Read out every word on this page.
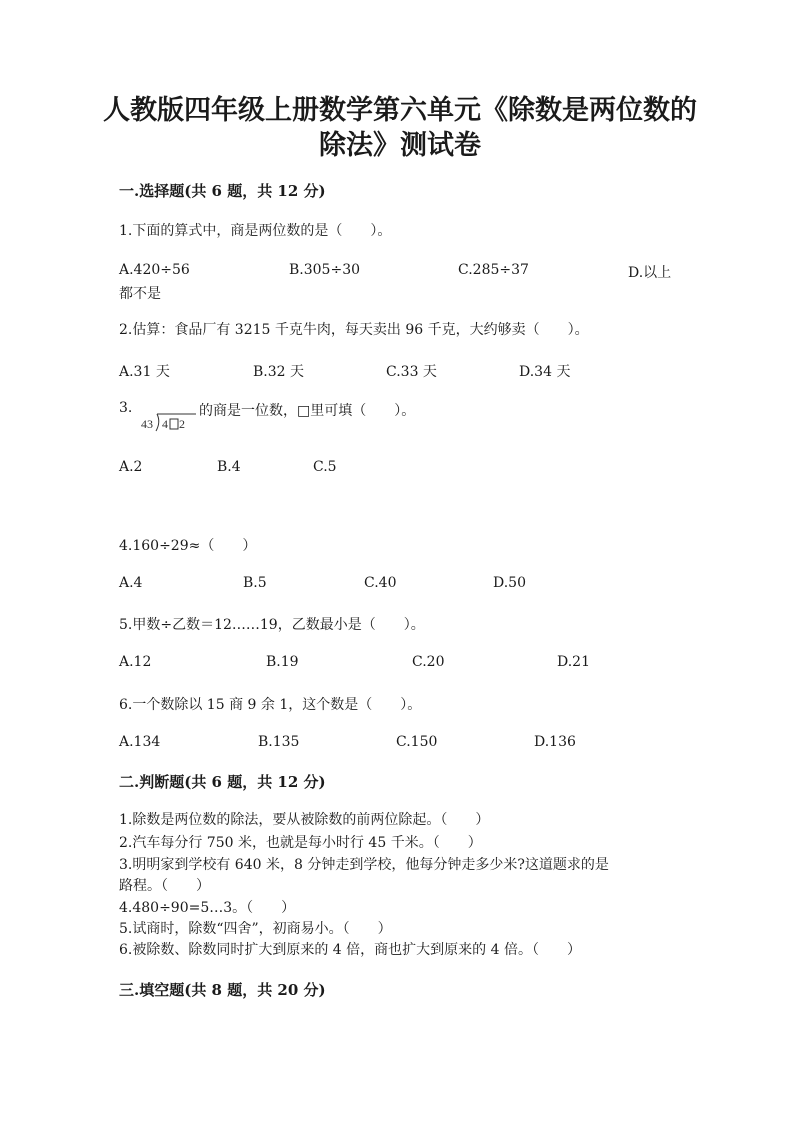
人教版四年级上册数学第六单元《除数是两位数的
除法》测试卷
一.选择题(共 6 题，共 12 分)
1.下面的算式中，商是两位数的是（　　）。
A.420÷56	B.305÷30	C.285÷37	D.以上
都不是
2.估算：食品厂有 3215 千克牛肉，每天卖出 96 千克，大约够卖（　　）。
A.31 天	B.32 天	C.33 天	D.34 天
3.
43 4 2
的商是一位数，□里可填（　　）。
A.2	B.4	C.5
4.160÷29≈（　　）
A.4	B.5	C.40	D.50
5.甲数÷乙数＝12……19，乙数最小是（　　）。
A.12	B.19	C.20	D.21
6.一个数除以 15 商 9 余 1，这个数是（　　）。
A.134	B.135	C.150	D.136
二.判断题(共 6 题，共 12 分)
1.除数是两位数的除法，要从被除数的前两位除起。（　　）
2.汽车每分行 750 米，也就是每小时行 45 千米。（　　）
3.明明家到学校有 640 米，8 分钟走到学校，他每分钟走多少米?这道题求的是
路程。（　　）
4.480÷90=5…3。（　　）
5.试商时，除数“四舍”，初商易小。（　　）
6.被除数、除数同时扩大到原来的 4 倍，商也扩大到原来的 4 倍。（　　）
三.填空题(共 8 题，共 20 分)
